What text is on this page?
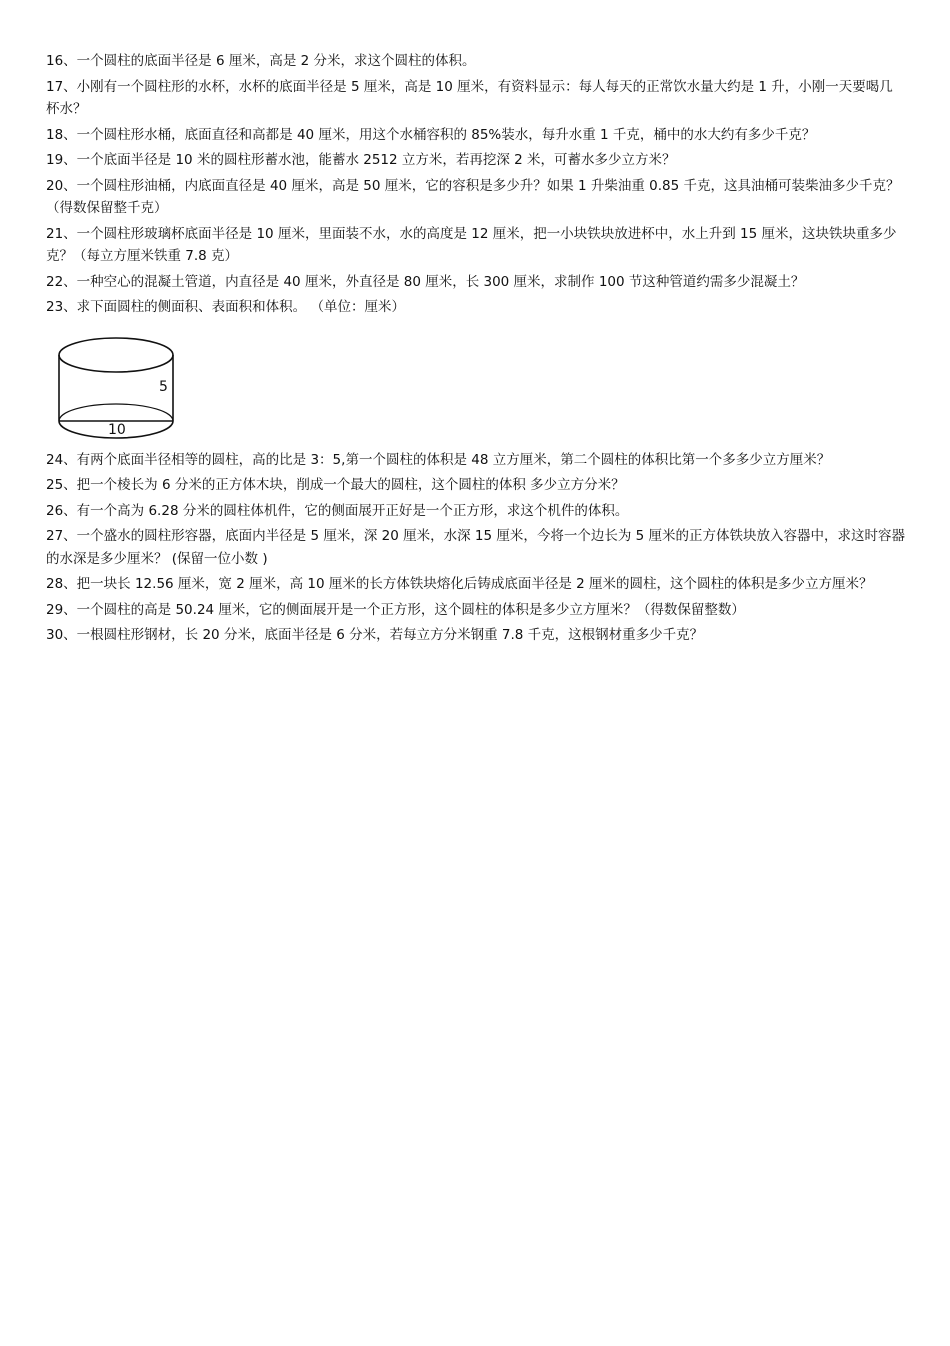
16、一个圆柱的底面半径是 6 厘米，高是 2 分米，求这个圆柱的体积。

17、小刚有一个圆柱形的水杯，水杯的底面半径是 5 厘米，高是 10 厘米，有资料显示：每人每天的正常饮水量大约是 1 升，小刚一天要喝几杯水？

18、一个圆柱形水桶，底面直径和高都是 40 厘米，用这个水桶容积的 85%装水，每升水重 1 千克，桶中的水大约有多少千克？

19、一个底面半径是 10 米的圆柱形蓄水池，能蓄水 2512 立方米，若再挖深 2 米，可蓄水多少立方米？

20、一个圆柱形油桶，内底面直径是 40 厘米，高是 50 厘米，它的容积是多少升？如果 1 升柴油重 0.85 千克，这具油桶可装柴油多少千克？（得数保留整千克）

21、一个圆柱形玻璃杯底面半径是 10 厘米，里面装不水，水的高度是 12 厘米，把一小块铁块放进杯中，水上升到 15 厘米，这块铁块重多少克？（每立方厘米铁重 7.8 克）

22、一种空心的混凝土管道，内直径是 40 厘米，外直径是 80 厘米，长 300 厘米，求制作 100 节这种管道约需多少混凝土？

23、求下面圆柱的侧面积、表面积和体积。 （单位：厘米）

5
10

24、有两个底面半径相等的圆柱，高的比是 3：5,第一个圆柱的体积是 48 立方厘米，第二个圆柱的体积比第一个多多少立方厘米？

25、把一个棱长为 6 分米的正方体木块，削成一个最大的圆柱，这个圆柱的体积 多少立方分米？

26、有一个高为 6.28 分米的圆柱体机件，它的侧面展开正好是一个正方形，求这个机件的体积。

27、一个盛水的圆柱形容器，底面内半径是 5 厘米，深 20 厘米，水深 15 厘米，今将一个边长为 5 厘米的正方体铁块放入容器中，求这时容器的水深是多少厘米？ (保留一位小数 )

28、把一块长 12.56 厘米，宽 2 厘米，高 10 厘米的长方体铁块熔化后铸成底面半径是 2 厘米的圆柱，这个圆柱的体积是多少立方厘米？

29、一个圆柱的高是 50.24 厘米，它的侧面展开是一个正方形，这个圆柱的体积是多少立方厘米？（得数保留整数）

30、一根圆柱形钢材，长 20 分米，底面半径是 6 分米，若每立方分米钢重 7.8 千克，这根钢材重多少千克？
